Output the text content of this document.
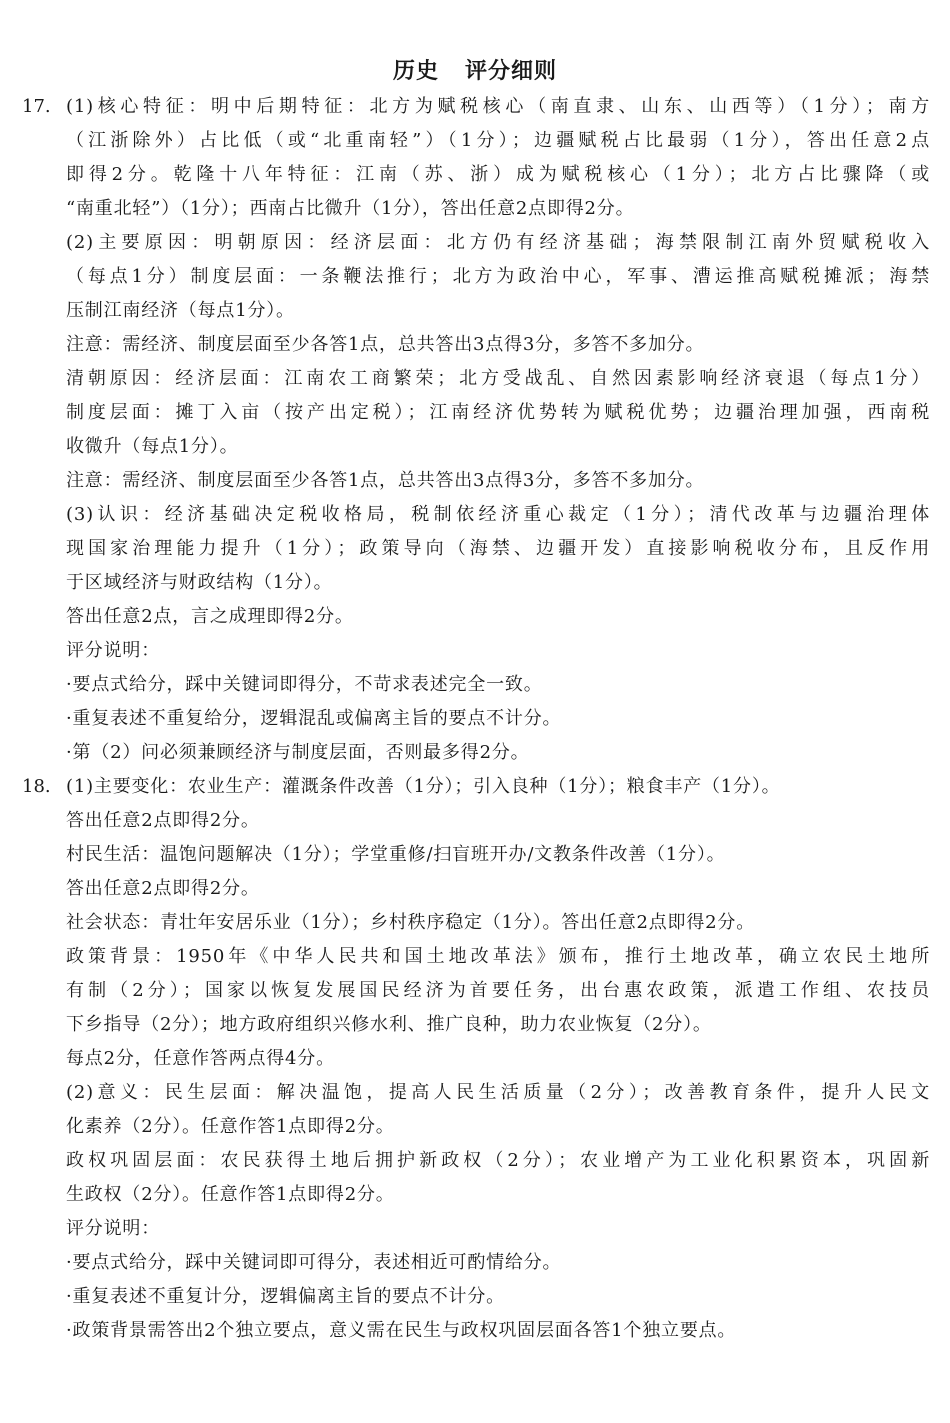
历史 评分细则
17. (1)核心特征：明中后期特征：北方为赋税核心（南直隶、山东、山西等）（1分）；南方
（江浙除外）占比低（或“北重南轻”）（1分）；边疆赋税占比最弱（1分），答出任意2点
即得2分。乾隆十八年特征：江南（苏、浙）成为赋税核心（1分）；北方占比骤降（或
“南重北轻”）（1分）；西南占比微升（1分），答出任意2点即得2分。
(2)主要原因：明朝原因：经济层面：北方仍有经济基础；海禁限制江南外贸赋税收入
（每点1分）制度层面：一条鞭法推行；北方为政治中心，军事、漕运推高赋税摊派；海禁
压制江南经济（每点1分）。
注意：需经济、制度层面至少各答1点，总共答出3点得3分，多答不多加分。
清朝原因：经济层面：江南农工商繁荣；北方受战乱、自然因素影响经济衰退（每点1分）
制度层面：摊丁入亩（按产出定税）；江南经济优势转为赋税优势；边疆治理加强，西南税
收微升（每点1分）。
注意：需经济、制度层面至少各答1点，总共答出3点得3分，多答不多加分。
(3)认识：经济基础决定税收格局，税制依经济重心裁定（1分）；清代改革与边疆治理体
现国家治理能力提升（1分）；政策导向（海禁、边疆开发）直接影响税收分布，且反作用
于区域经济与财政结构（1分）。
答出任意2点，言之成理即得2分。
评分说明：
·要点式给分，踩中关键词即得分，不苛求表述完全一致。
·重复表述不重复给分，逻辑混乱或偏离主旨的要点不计分。
·第（2）问必须兼顾经济与制度层面，否则最多得2分。
18. (1)主要变化：农业生产：灌溉条件改善（1分）；引入良种（1分）；粮食丰产（1分）。
答出任意2点即得2分。
村民生活：温饱问题解决（1分）；学堂重修/扫盲班开办/文教条件改善（1分）。
答出任意2点即得2分。
社会状态：青壮年安居乐业（1分）；乡村秩序稳定（1分）。答出任意2点即得2分。
政策背景：1950年《中华人民共和国土地改革法》颁布，推行土地改革，确立农民土地所
有制（2分）；国家以恢复发展国民经济为首要任务，出台惠农政策，派遣工作组、农技员
下乡指导（2分）；地方政府组织兴修水利、推广良种，助力农业恢复（2分）。
每点2分，任意作答两点得4分。
(2)意义：民生层面：解决温饱，提高人民生活质量（2分）；改善教育条件，提升人民文
化素养（2分）。任意作答1点即得2分。
政权巩固层面：农民获得土地后拥护新政权（2分）；农业增产为工业化积累资本，巩固新
生政权（2分）。任意作答1点即得2分。
评分说明：
·要点式给分，踩中关键词即可得分，表述相近可酌情给分。
·重复表述不重复计分，逻辑偏离主旨的要点不计分。
·政策背景需答出2个独立要点，意义需在民生与政权巩固层面各答1个独立要点。
